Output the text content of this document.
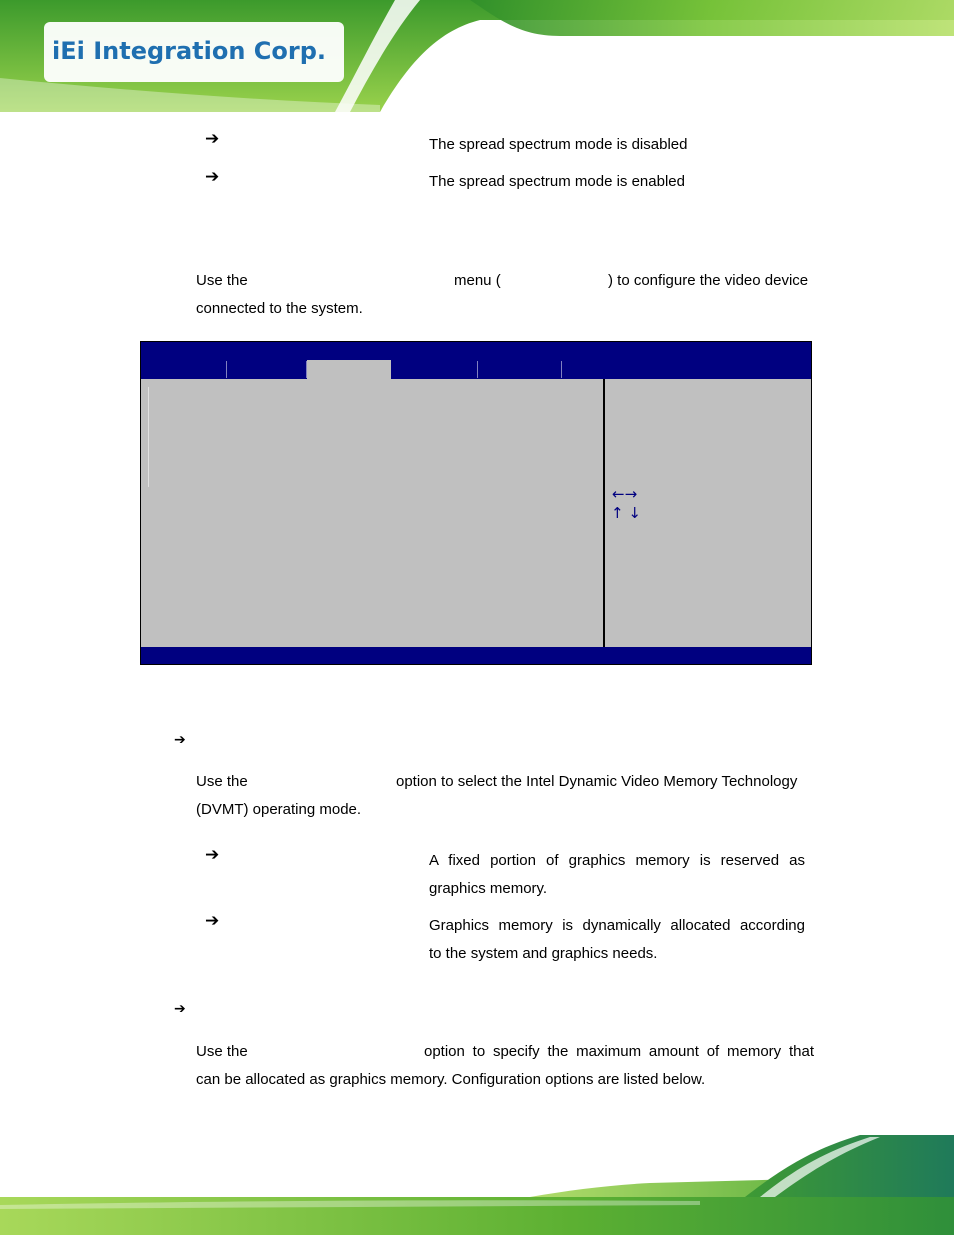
iEi Integration Corp.
➔	The spread spectrum mode is disabled
➔	The spread spectrum mode is enabled
Use the	menu (	) to configure the video device
connected to the system.
←→
↑ ↓
➔
Use the	option to select the Intel Dynamic Video Memory Technology
(DVMT) operating mode.
➔	A fixed portion of graphics memory is reserved as
graphics memory.
➔	Graphics memory is dynamically allocated according
to the system and graphics needs.
➔
Use the	option to specify the maximum amount of memory that
can be allocated as graphics memory. Configuration options are listed below.
